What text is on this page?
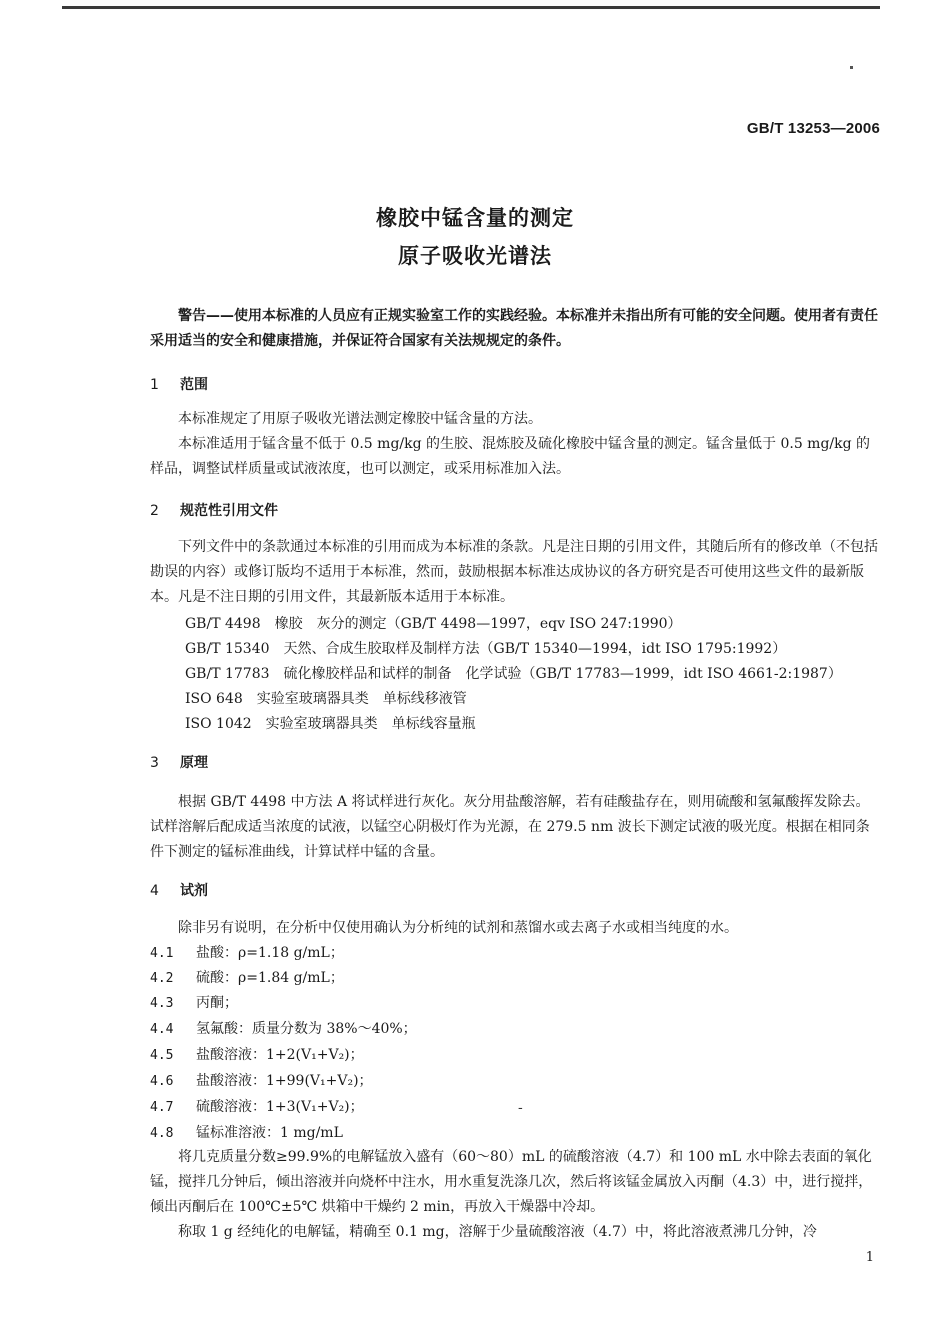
GB/T 13253—2006
橡胶中锰含量的测定
原子吸收光谱法

警告——使用本标准的人员应有正规实验室工作的实践经验。本标准并未指出所有可能的安全问题。使用者有责任采用适当的安全和健康措施，并保证符合国家有关法规规定的条件。

1 范围

本标准规定了用原子吸收光谱法测定橡胶中锰含量的方法。

本标准适用于锰含量不低于 0.5 mg/kg 的生胶、混炼胶及硫化橡胶中锰含量的测定。锰含量低于 0.5 mg/kg 的样品，调整试样质量或试液浓度，也可以测定，或采用标准加入法。

2 规范性引用文件

下列文件中的条款通过本标准的引用而成为本标准的条款。凡是注日期的引用文件，其随后所有的修改单（不包括勘误的内容）或修订版均不适用于本标准，然而，鼓励根据本标准达成协议的各方研究是否可使用这些文件的最新版本。凡是不注日期的引用文件，其最新版本适用于本标准。

GB/T 4498　橡胶　灰分的测定（GB/T 4498—1997，eqv ISO 247:1990）
GB/T 15340　天然、合成生胶取样及制样方法（GB/T 15340—1994，idt ISO 1795:1992）
GB/T 17783　硫化橡胶样品和试样的制备　化学试验（GB/T 17783—1999，idt ISO 4661-2:1987）
ISO 648　实验室玻璃器具类　单标线移液管
ISO 1042　实验室玻璃器具类　单标线容量瓶
3 原理

根据 GB/T 4498 中方法 A 将试样进行灰化。灰分用盐酸溶解，若有硅酸盐存在，则用硫酸和氢氟酸挥发除去。试样溶解后配成适当浓度的试液，以锰空心阴极灯作为光源，在 279.5 nm 波长下测定试液的吸光度。根据在相同条件下测定的锰标准曲线，计算试样中锰的含量。

4 试剂

除非另有说明，在分析中仅使用确认为分析纯的试剂和蒸馏水或去离子水或相当纯度的水。

4.1 盐酸：ρ=1.18 g/mL；
4.2 硫酸：ρ=1.84 g/mL；
4.3 丙酮；
4.4 氢氟酸：质量分数为 38%～40%；
4.5 盐酸溶液：1+2(V₁+V₂)；
4.6 盐酸溶液：1+99(V₁+V₂)；
4.7 硫酸溶液：1+3(V₁+V₂)；
4.8 锰标准溶液：1 mg/mL
-

将几克质量分数≥99.9%的电解锰放入盛有（60～80）mL 的硫酸溶液（4.7）和 100 mL 水中除去表面的氧化锰，搅拌几分钟后，倾出溶液并向烧杯中注水，用水重复洗涤几次，然后将该锰金属放入丙酮（4.3）中，进行搅拌，倾出丙酮后在 100℃±5℃ 烘箱中干燥约 2 min，再放入干燥器中冷却。

称取 1 g 经纯化的电解锰，精确至 0.1 mg，溶解于少量硫酸溶液（4.7）中，将此溶液煮沸几分钟，冷

1
